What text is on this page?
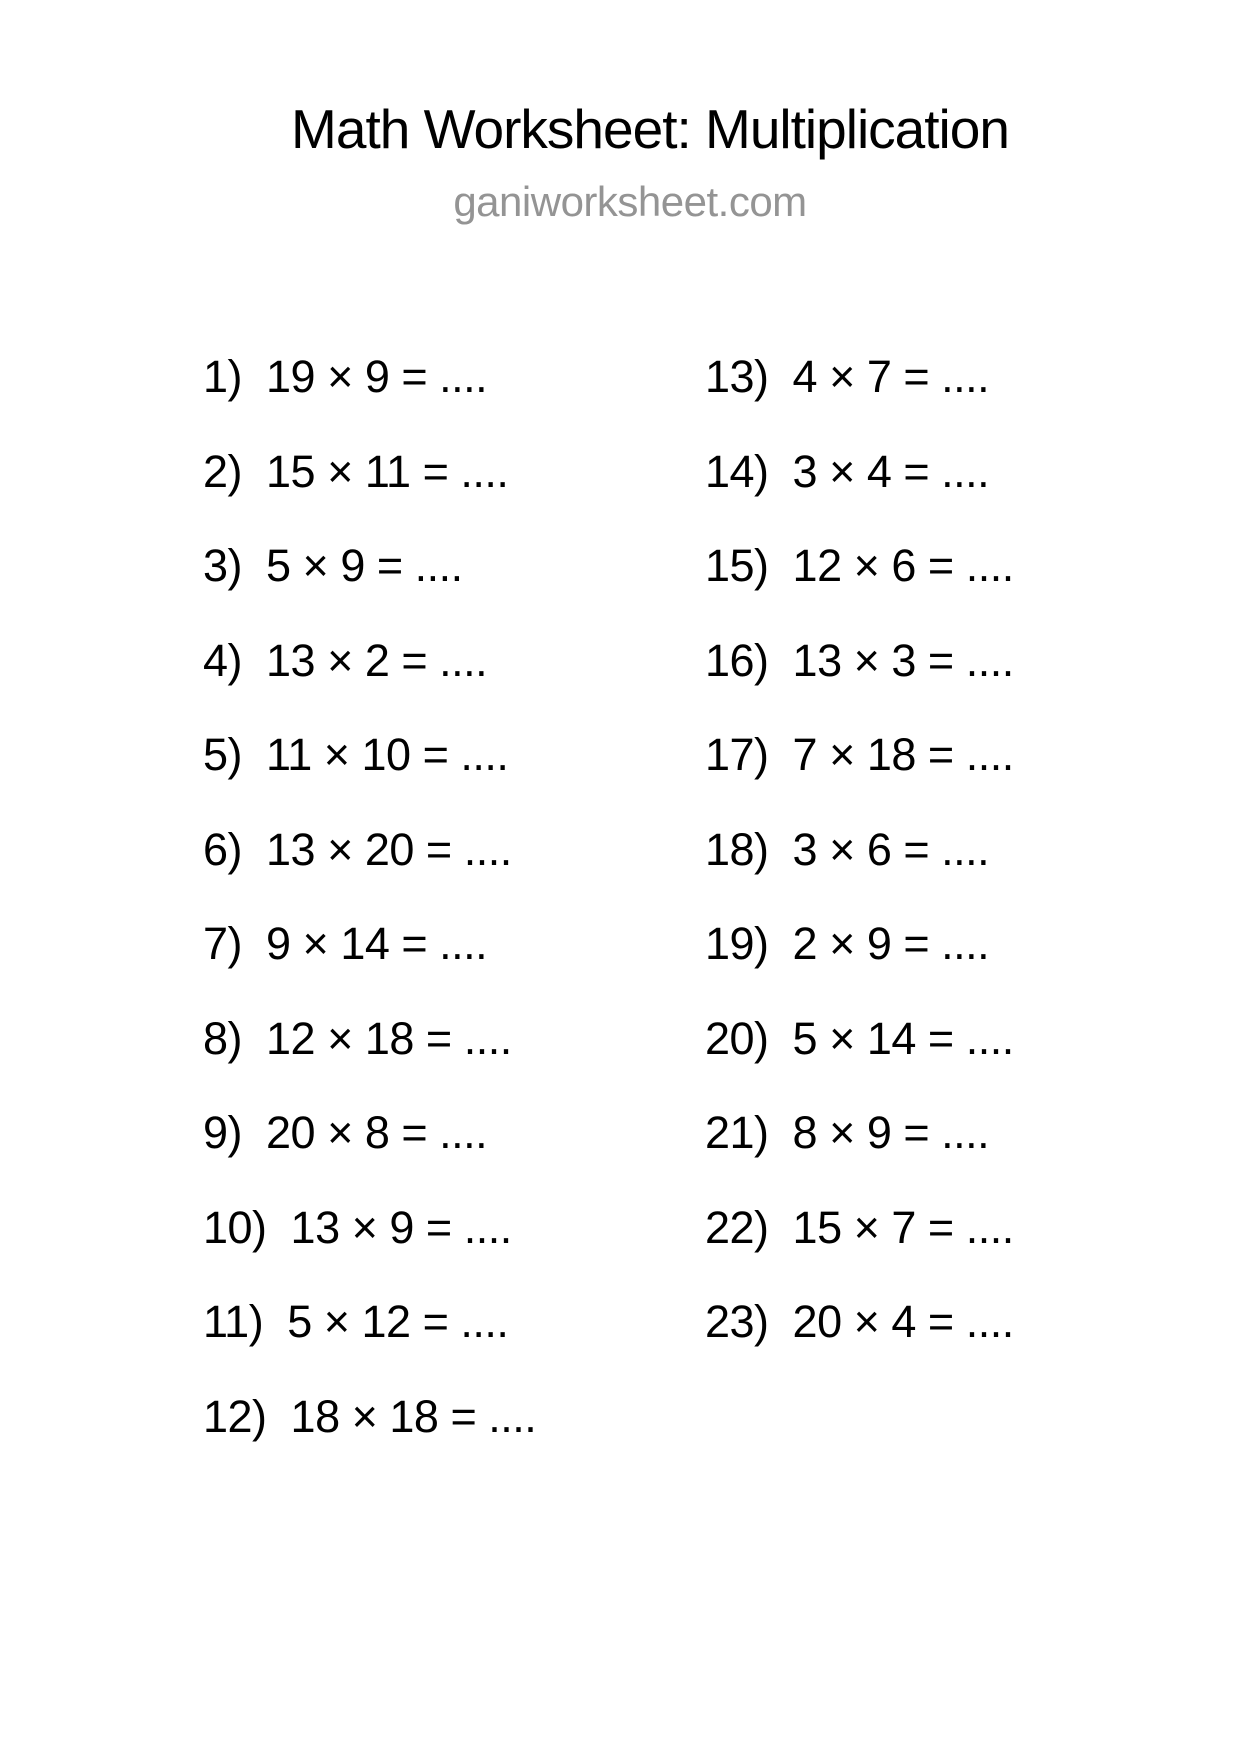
Math Worksheet: Multiplication
ganiworksheet.com
1) 19 × 9 = ....
2) 15 × 11 = ....
3) 5 × 9 = ....
4) 13 × 2 = ....
5) 11 × 10 = ....
6) 13 × 20 = ....
7) 9 × 14 = ....
8) 12 × 18 = ....
9) 20 × 8 = ....
10) 13 × 9 = ....
11) 5 × 12 = ....
12) 18 × 18 = ....
13) 4 × 7 = ....
14) 3 × 4 = ....
15) 12 × 6 = ....
16) 13 × 3 = ....
17) 7 × 18 = ....
18) 3 × 6 = ....
19) 2 × 9 = ....
20) 5 × 14 = ....
21) 8 × 9 = ....
22) 15 × 7 = ....
23) 20 × 4 = ....
